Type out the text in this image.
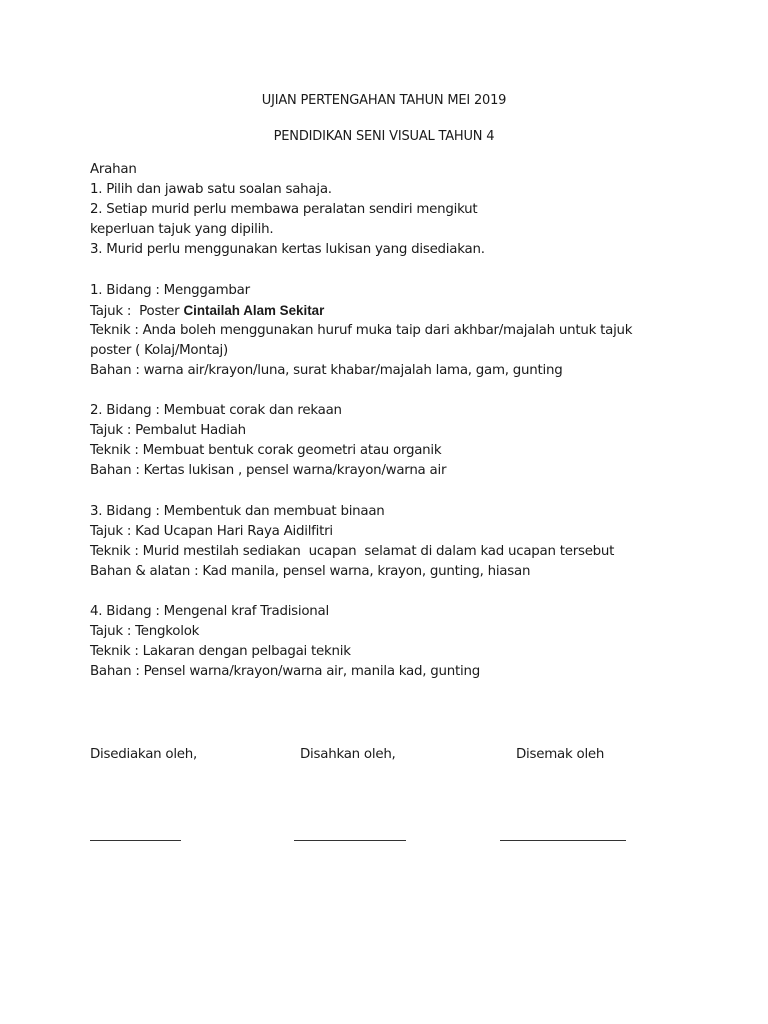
UJIAN PERTENGAHAN TAHUN MEI 2019
PENDIDIKAN SENI VISUAL TAHUN 4
Arahan
1. Pilih dan jawab satu soalan sahaja.
2. Setiap murid perlu membawa peralatan sendiri mengikut
keperluan tajuk yang dipilih.
3. Murid perlu menggunakan kertas lukisan yang disediakan.
1. Bidang : Menggambar
Tajuk :  Poster Cintailah Alam Sekitar
Teknik : Anda boleh menggunakan huruf muka taip dari akhbar/majalah untuk tajuk
poster ( Kolaj/Montaj)
Bahan : warna air/krayon/luna, surat khabar/majalah lama, gam, gunting
2. Bidang : Membuat corak dan rekaan
Tajuk : Pembalut Hadiah
Teknik : Membuat bentuk corak geometri atau organik
Bahan : Kertas lukisan , pensel warna/krayon/warna air
3. Bidang : Membentuk dan membuat binaan
Tajuk : Kad Ucapan Hari Raya Aidilfitri
Teknik : Murid mestilah sediakan  ucapan  selamat di dalam kad ucapan tersebut
Bahan & alatan : Kad manila, pensel warna, krayon, gunting, hiasan
4. Bidang : Mengenal kraf Tradisional
Tajuk : Tengkolok
Teknik : Lakaran dengan pelbagai teknik
Bahan : Pensel warna/krayon/warna air, manila kad, gunting
Disediakan oleh,	Disahkan oleh,	Disemak oleh
